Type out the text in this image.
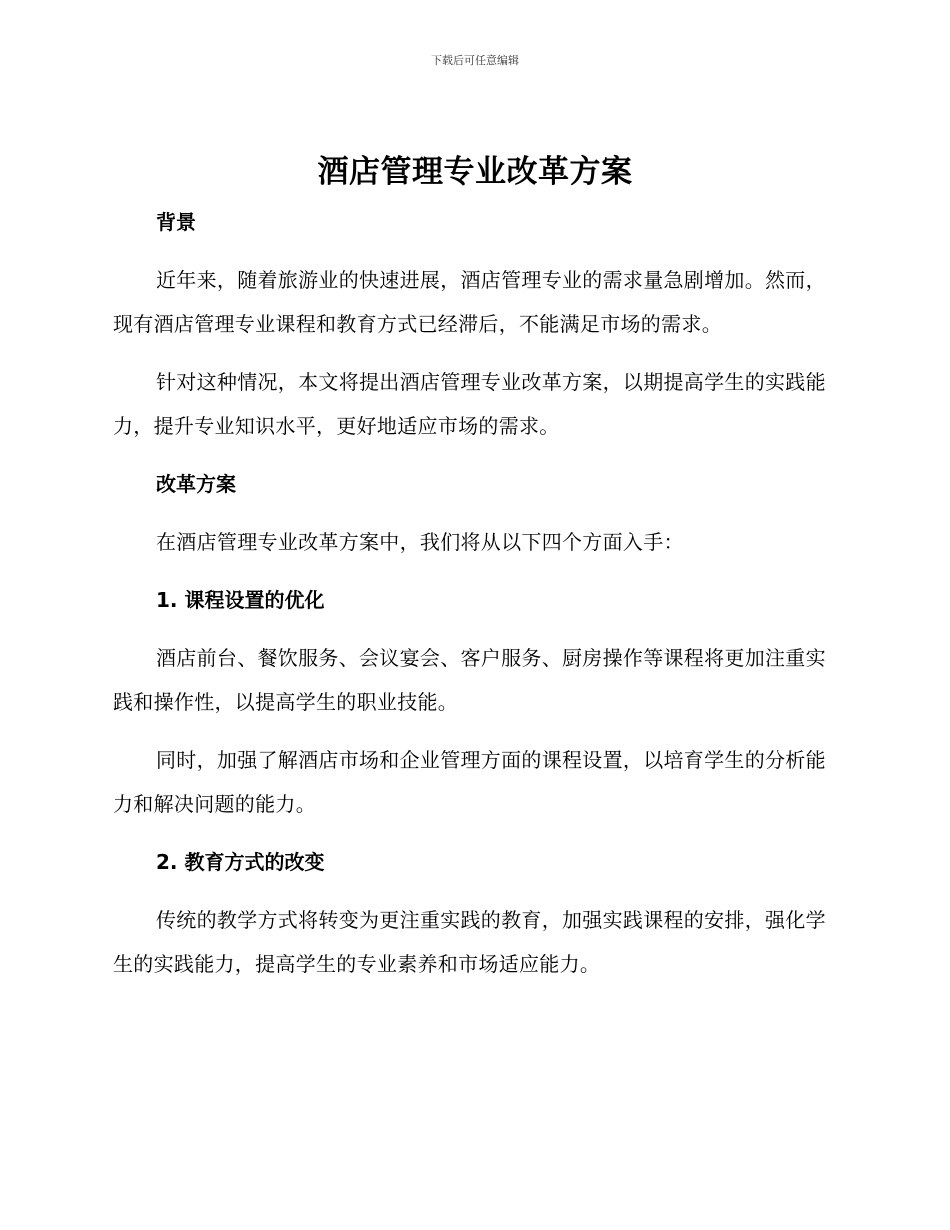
下载后可任意编辑
酒店管理专业改革方案
背景

近年来，随着旅游业的快速进展，酒店管理专业的需求量急剧增加。然而，现有酒店管理专业课程和教育方式已经滞后，不能满足市场的需求。

针对这种情况，本文将提出酒店管理专业改革方案，以期提高学生的实践能力，提升专业知识水平，更好地适应市场的需求。

改革方案

在酒店管理专业改革方案中，我们将从以下四个方面入手：

1. 课程设置的优化

酒店前台、餐饮服务、会议宴会、客户服务、厨房操作等课程将更加注重实践和操作性，以提高学生的职业技能。

同时，加强了解酒店市场和企业管理方面的课程设置，以培育学生的分析能力和解决问题的能力。

2. 教育方式的改变

传统的教学方式将转变为更注重实践的教育，加强实践课程的安排，强化学生的实践能力，提高学生的专业素养和市场适应能力。
